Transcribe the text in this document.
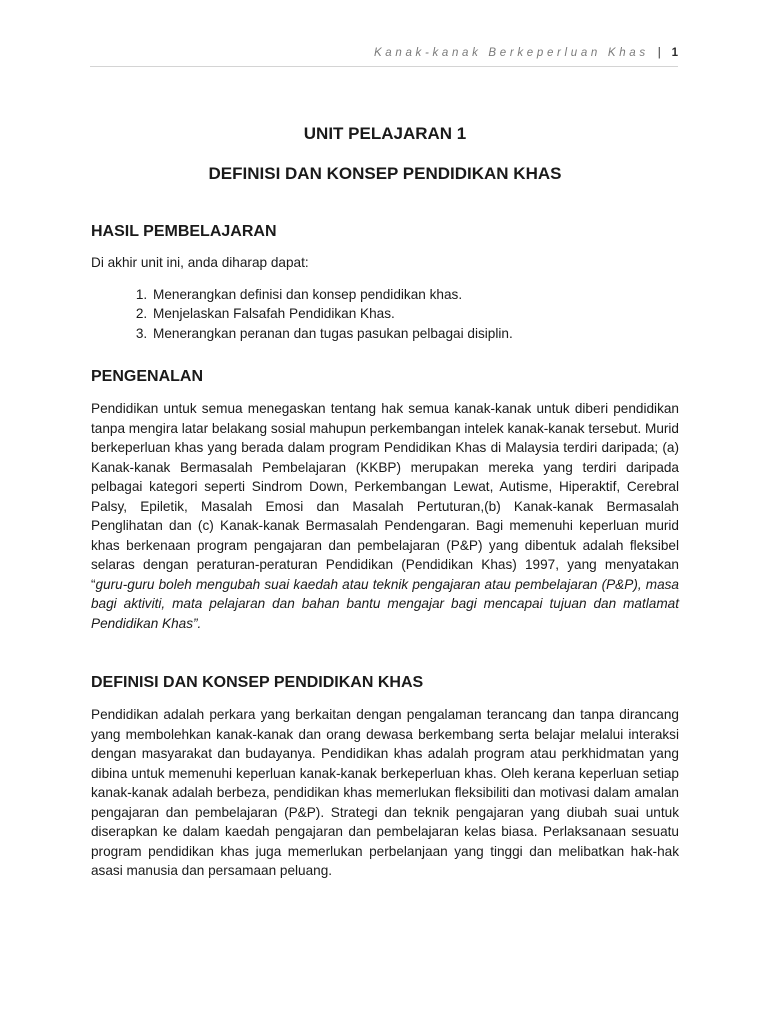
Kanak-kanak Berkeperluan Khas | 1
UNIT PELAJARAN 1
DEFINISI DAN KONSEP PENDIDIKAN KHAS
HASIL PEMBELAJARAN

Di akhir unit ini, anda diharap dapat:

1. Menerangkan definisi dan konsep pendidikan khas.
2. Menjelaskan Falsafah Pendidikan Khas.
3. Menerangkan peranan dan tugas pasukan pelbagai disiplin.
PENGENALAN

Pendidikan untuk semua menegaskan tentang hak semua kanak-kanak untuk diberi pendidikan tanpa mengira latar belakang sosial mahupun perkembangan intelek kanak-kanak tersebut. Murid berkeperluan khas yang berada dalam program Pendidikan Khas di Malaysia terdiri daripada; (a) Kanak-kanak Bermasalah Pembelajaran (KKBP) merupakan mereka yang terdiri daripada pelbagai kategori seperti Sindrom Down, Perkembangan Lewat, Autisme, Hiperaktif, Cerebral Palsy, Epiletik, Masalah Emosi dan Masalah Pertuturan,(b) Kanak-kanak Bermasalah Penglihatan dan (c) Kanak-kanak Bermasalah Pendengaran. Bagi memenuhi keperluan murid khas berkenaan program pengajaran dan pembelajaran (P&P) yang dibentuk adalah fleksibel selaras dengan peraturan-peraturan Pendidikan (Pendidikan Khas) 1997, yang menyatakan “guru-guru boleh mengubah suai kaedah atau teknik pengajaran atau pembelajaran (P&P), masa bagi aktiviti, mata pelajaran dan bahan bantu mengajar bagi mencapai tujuan dan matlamat Pendidikan Khas”.

DEFINISI DAN KONSEP PENDIDIKAN KHAS

Pendidikan adalah perkara yang berkaitan dengan pengalaman terancang dan tanpa dirancang yang membolehkan kanak-kanak dan orang dewasa berkembang serta belajar melalui interaksi dengan masyarakat dan budayanya. Pendidikan khas adalah program atau perkhidmatan yang dibina untuk memenuhi keperluan kanak-kanak berkeperluan khas. Oleh kerana keperluan setiap kanak-kanak adalah berbeza, pendidikan khas memerlukan fleksibiliti dan motivasi dalam amalan pengajaran dan pembelajaran (P&P). Strategi dan teknik pengajaran yang diubah suai untuk diserapkan ke dalam kaedah pengajaran dan pembelajaran kelas biasa. Perlaksanaan sesuatu program pendidikan khas juga memerlukan perbelanjaan yang tinggi dan melibatkan hak-hak asasi manusia dan persamaan peluang.
